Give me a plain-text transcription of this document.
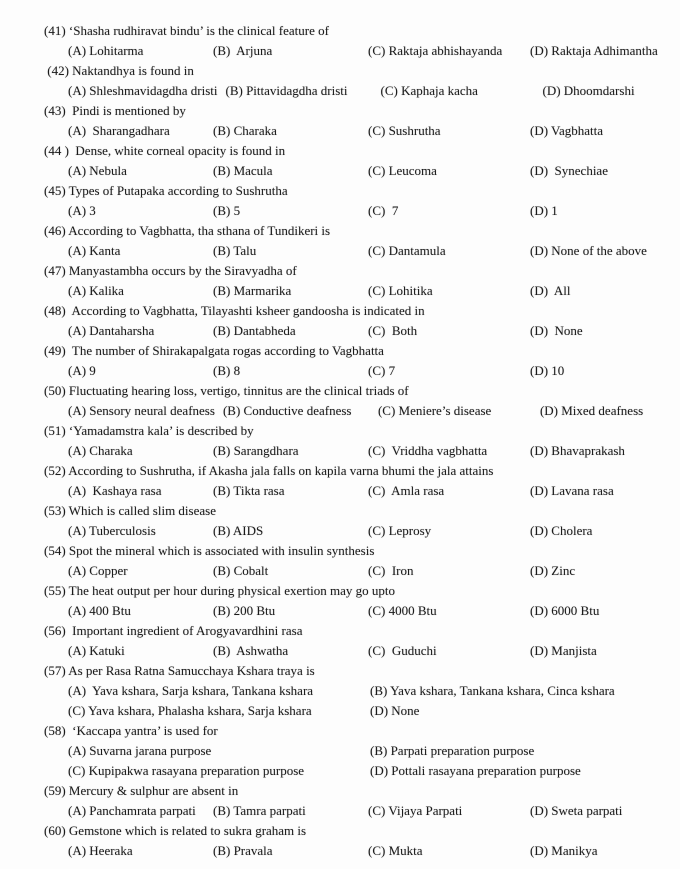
(41) ‘Shasha rudhiravat bindu’ is the clinical feature of
(A) Lohitarma	(B)  Arjuna	(C) Raktaja abhishayanda	(D) Raktaja Adhimantha
(42) Naktandhya is found in
(A) Shleshmavidagdha dristi (B) Pittavidagdha dristi	(C) Kaphaja kacha	(D) Dhoomdarshi
(43)  Pindi is mentioned by
(A)  Sharangadhara	(B) Charaka	(C) Sushrutha	(D) Vagbhatta
(44 )  Dense, white corneal opacity is found in
(A) Nebula	(B) Macula	(C) Leucoma	(D)  Synechiae
(45) Types of Putapaka according to Sushrutha
(A) 3	(B) 5	(C)  7	(D) 1
(46) According to Vagbhatta, tha sthana of Tundikeri is
(A) Kanta	(B) Talu	(C) Dantamula	(D) None of the above
(47) Manyastambha occurs by the Siravyadha of
(A) Kalika	(B) Marmarika	(C) Lohitika	(D)  All
(48)  According to Vagbhatta, Tilayashti ksheer gandoosha is indicated in
(A) Dantaharsha	(B) Dantabheda	(C)  Both	(D)  None
(49)  The number of Shirakapalgata rogas according to Vagbhatta
(A) 9	(B) 8	(C) 7	(D) 10
(50) Fluctuating hearing loss, vertigo, tinnitus are the clinical triads of
(A) Sensory neural deafness (B) Conductive deafness	(C) Meniere’s disease	(D) Mixed deafness
(51) ‘Yamadamstra kala’ is described by
(A) Charaka	(B) Sarangdhara	(C)  Vriddha vagbhatta	(D) Bhavaprakash
(52) According to Sushrutha, if Akasha jala falls on kapila varna bhumi the jala attains
(A)  Kashaya rasa	(B) Tikta rasa	(C)  Amla rasa	(D) Lavana rasa
(53) Which is called slim disease
(A) Tuberculosis	(B) AIDS	(C) Leprosy	(D) Cholera
(54) Spot the mineral which is associated with insulin synthesis
(A) Copper	(B) Cobalt	(C)  Iron	(D) Zinc
(55) The heat output per hour during physical exertion may go upto
(A) 400 Btu	(B) 200 Btu	(C) 4000 Btu	(D) 6000 Btu
(56)  Important ingredient of Arogyavardhini rasa
(A) Katuki	(B)  Ashwatha	(C)  Guduchi	(D) Manjista
(57) As per Rasa Ratna Samucchaya Kshara traya is
(A)  Yava kshara, Sarja kshara, Tankana kshara	(B) Yava kshara, Tankana kshara, Cinca kshara
(C) Yava kshara, Phalasha kshara, Sarja kshara	(D) None
(58)  ‘Kaccapa yantra’ is used for
(A) Suvarna jarana purpose	(B) Parpati preparation purpose
(C) Kupipakwa rasayana preparation purpose	(D) Pottali rasayana preparation purpose
(59) Mercury & sulphur are absent in
(A) Panchamrata parpati	(B) Tamra parpati	(C) Vijaya Parpati	(D) Sweta parpati
(60) Gemstone which is related to sukra graham is
(A) Heeraka	(B) Pravala	(C) Mukta	(D) Manikya
